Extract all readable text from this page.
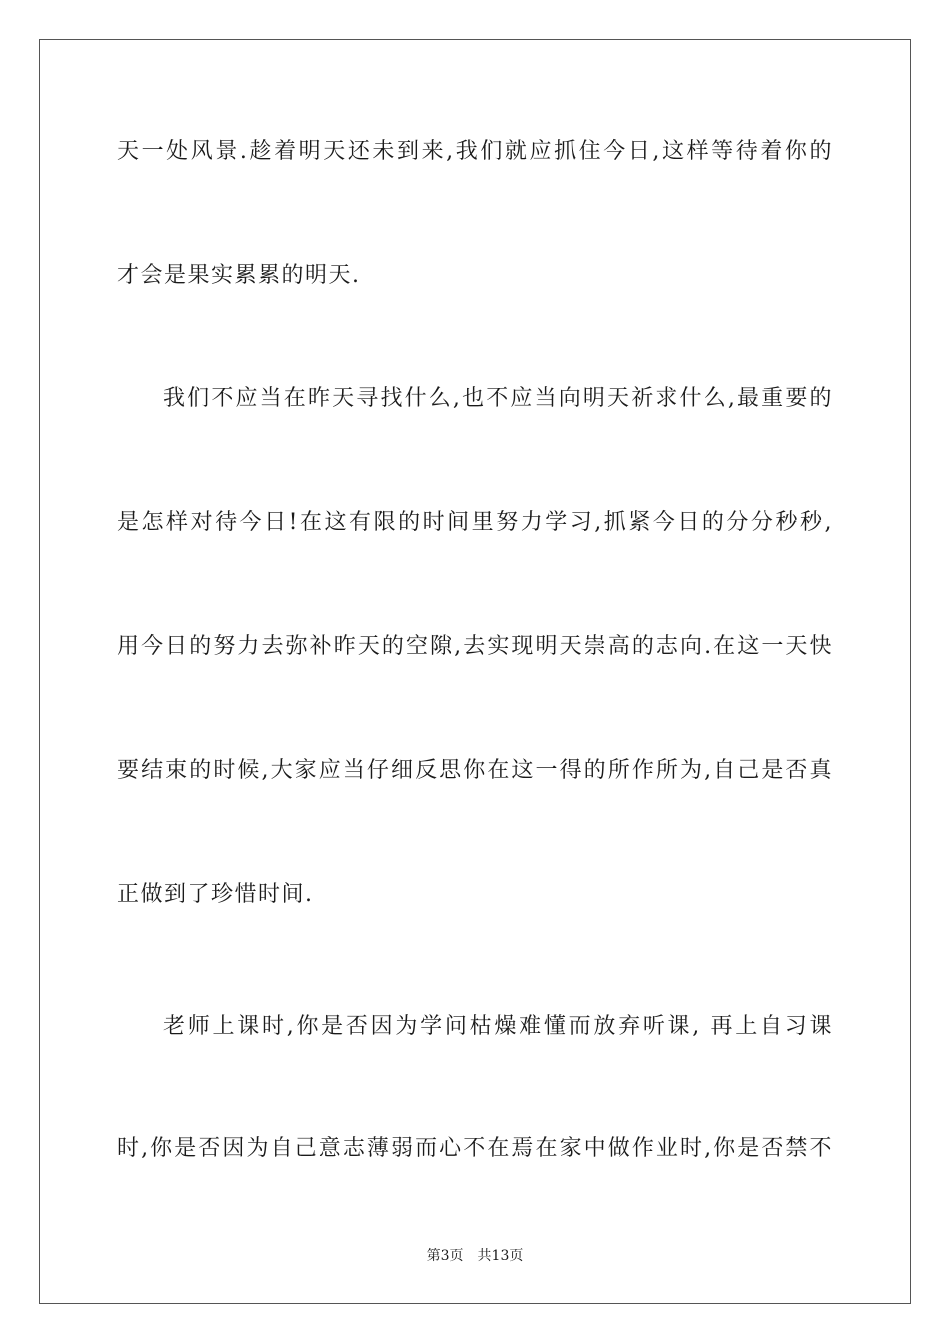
天一处风景.趁着明天还未到来,我们就应抓住今日,这样等待着你的
才会是果实累累的明天.
我们不应当在昨天寻找什么,也不应当向明天祈求什么,最重要的
是怎样对待今日!在这有限的时间里努力学习,抓紧今日的分分秒秒,
用今日的努力去弥补昨天的空隙,去实现明天崇高的志向.在这一天快
要结束的时候,大家应当仔细反思你在这一得的所作所为,自己是否真
正做到了珍惜时间.
老师上课时,你是否因为学问枯燥难懂而放弃听课, 再上自习课
时,你是否因为自己意志薄弱而心不在焉在家中做作业时,你是否禁不
第3页 共13页
